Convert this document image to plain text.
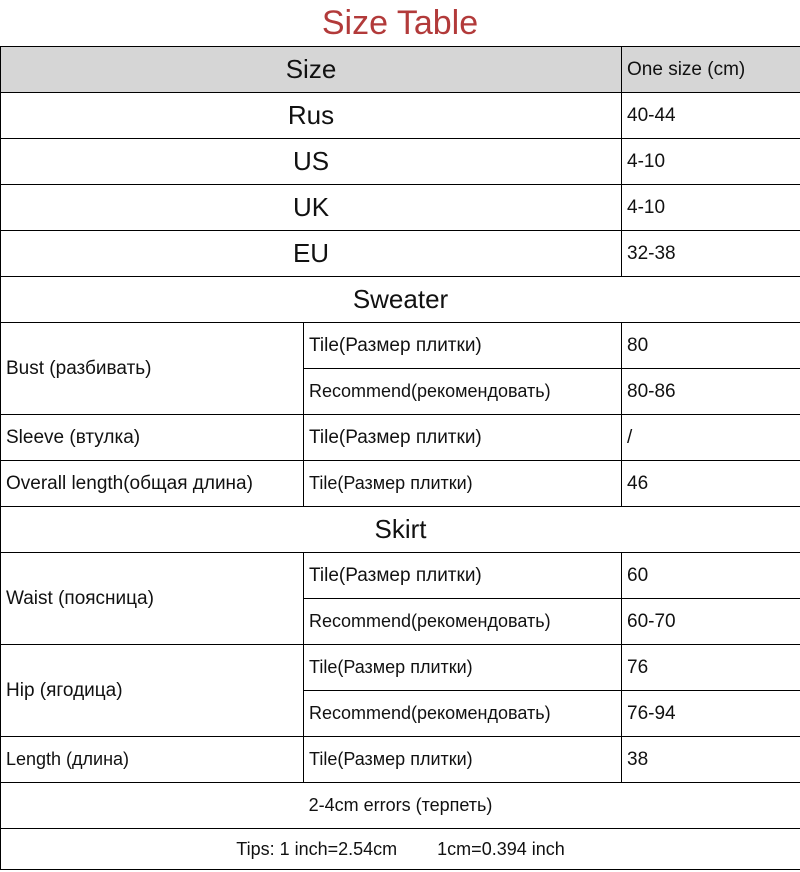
Size Table
Size		One size (cm)
Rus		40-44
US		4-10
UK		4-10
EU		32-38
Sweater		
Bust (разбивать)	Tile(Размер плитки)	80
	Recommend(рекомендовать)	80-86
Sleeve (втулка)	Tile(Размер плитки)	/
Overall length(общая длина)	Tile(Размер плитки)	46
Skirt		
Waist (поясница)	Tile(Размер плитки)	60
	Recommend(рекомендовать)	60-70
Hip (ягодица)	Tile(Размер плитки)	76
	Recommend(рекомендовать)	76-94
Length (длина)	Tile(Размер плитки)	38
2-4cm errors (терпеть)		

Tips: 1 inch=2.54cm 1cm=0.394 inch		
